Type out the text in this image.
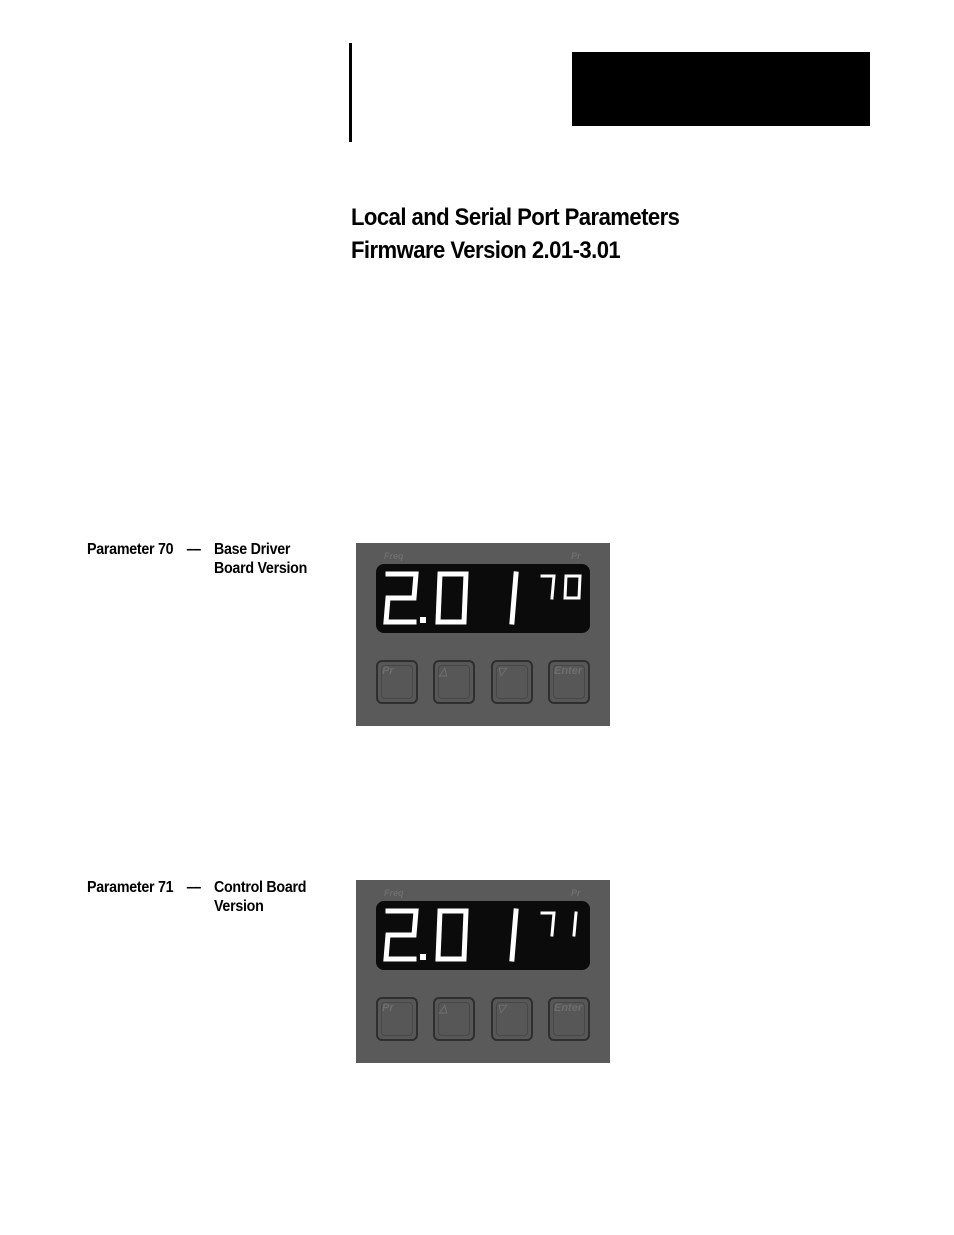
Local and Serial Port Parameters
Firmware Version 2.01-3.01
Parameter 70 –– Base Driver Board Version
Freq	Pr
Pr	△	▽	Enter
Parameter 71 –– Control Board Version
Freq	Pr
Pr	△	▽	Enter
